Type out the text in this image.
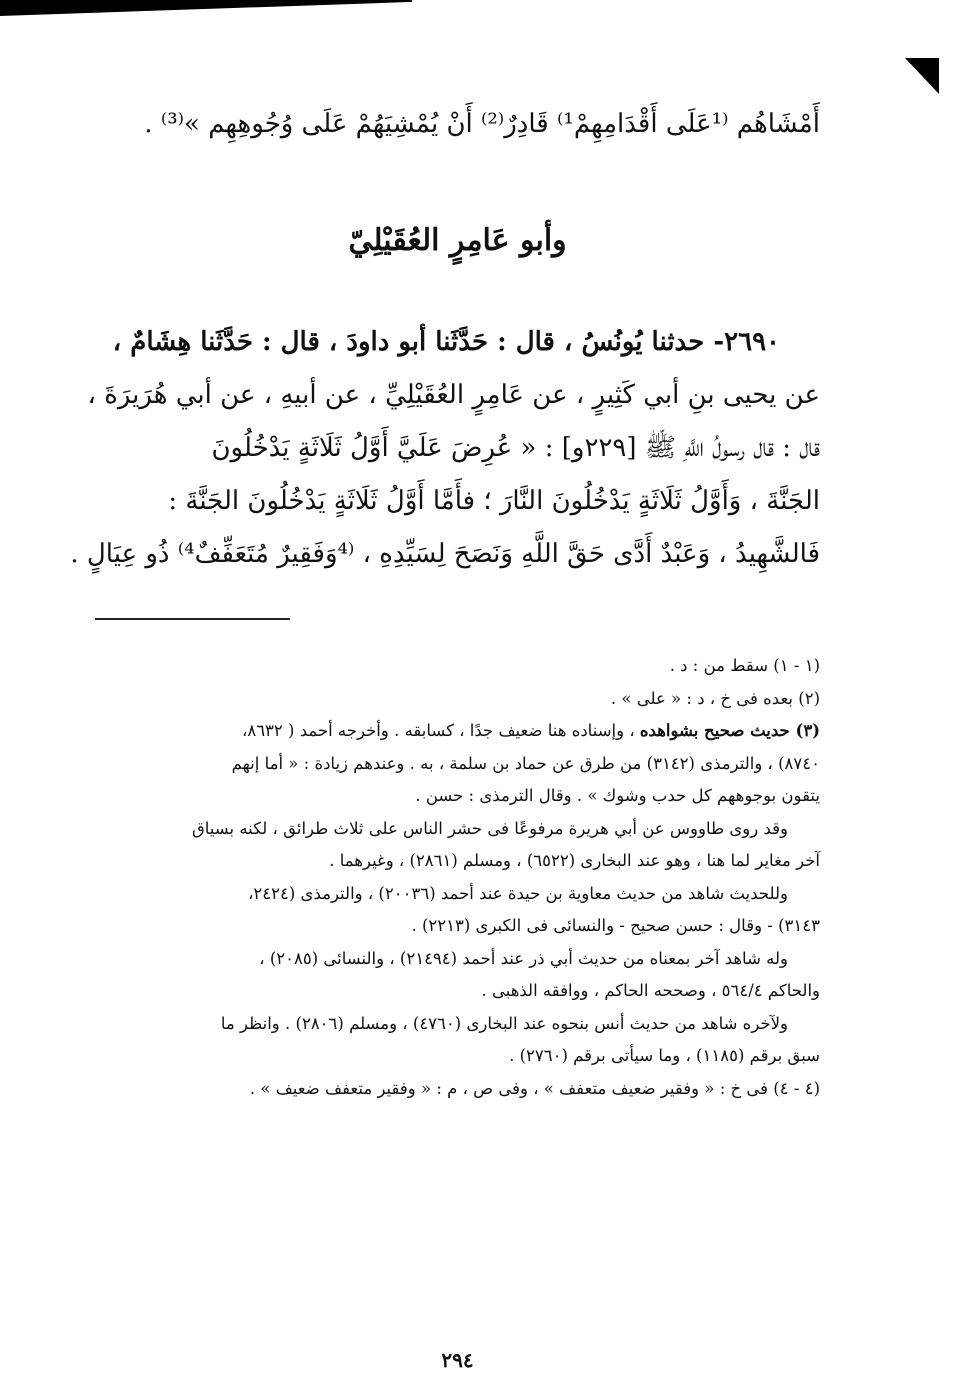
أَمْشَاهُم ⁽¹عَلَى أَقْدَامِهِمْ¹⁾ قَادِرٌ⁽²⁾ أَنْ يُمْشِيَهُمْ عَلَى وُجُوهِهِم »⁽³⁾ .
وأبو عَامِرٍ العُقَيْلِيّ
٢٦٩٠- حدثنا يُونُسُ ، قال : حَدَّثَنا أبو داودَ ، قال : حَدَّثَنا هِشَامٌ ،
عن يحيى بنِ أبي كَثِيرٍ ، عن عَامِرٍ العُقَيْلِيِّ ، عن أبيهِ ، عن أبي هُرَيرَةَ ،
قال : قال رسولُ اللَّهِ ﷺ [٢٢٩و] : « عُرِضَ عَلَيَّ أَوَّلُ ثَلَاثَةٍ يَدْخُلُونَ
الجَنَّةَ ، وَأَوَّلُ ثَلَاثَةٍ يَدْخُلُونَ النَّارَ ؛ فأَمَّا أَوَّلُ ثَلَاثَةٍ يَدْخُلُونَ الجَنَّةَ :
فَالشَّهِيدُ ، وَعَبْدٌ أَدَّى حَقَّ اللَّهِ وَنَصَحَ لِسَيِّدِهِ ، ⁽⁴وَفَقِيرٌ مُتَعَفِّفٌ⁴⁾ ذُو عِيَالٍ .
(١ - ١) سقط من : د .
(٢) بعده فى خ ، د : « على » .
(٣) حديث صحيح بشواهده ، وإسناده هنا ضعيف جدًا ، كسابقه . وأخرجه أحمد ( ٨٦٣٢،
٨٧٤٠) ، والترمذى (٣١٤٢) من طرق عن حماد بن سلمة ، به . وعندهم زيادة : « أما إنهم
يتقون بوجوههم كل حدب وشوك » . وقال الترمذى : حسن .
وقد روى طاووس عن أبي هريرة مرفوعًا فى حشر الناس على ثلاث طرائق ، لكنه بسياق
آخر مغاير لما هنا ، وهو عند البخارى (٦٥٢٢) ، ومسلم (٢٨٦١) ، وغيرهما .
وللحديث شاهد من حديث معاوية بن حيدة عند أحمد (٢٠٠٣٦) ، والترمذى (٢٤٢٤،
٣١٤٣) - وقال : حسن صحيح - والنسائى فى الكبرى (٢٢١٣) .
وله شاهد آخر بمعناه من حديث أبي ذر عند أحمد (٢١٤٩٤) ، والنسائى (٢٠٨٥) ،
والحاكم ٥٦٤/٤ ، وصححه الحاكم ، ووافقه الذهبى .
ولآخره شاهد من حديث أنس بنحوه عند البخارى (٤٧٦٠) ، ومسلم (٢٨٠٦) . وانظر ما
سبق برقم (١١٨٥) ، وما سيأتى برقم (٢٧٦٠) .
(٤ - ٤) فى خ : « وفقير ضعيف متعفف » ، وفى ص ، م : « وفقير متعفف ضعيف » .
٢٩٤
